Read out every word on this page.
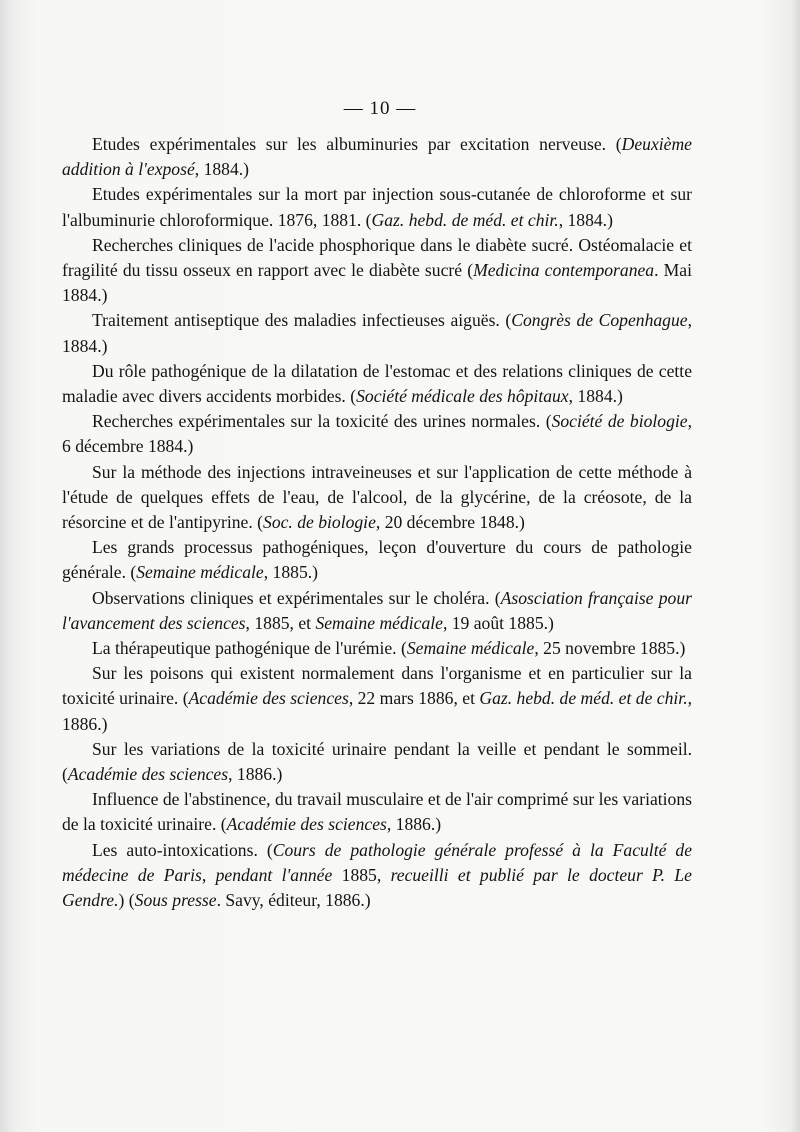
— 10 —

Etudes expérimentales sur les albuminuries par excitation nerveuse. (Deuxième addition à l'exposé, 1884.)

Etudes expérimentales sur la mort par injection sous-cutanée de chloroforme et sur l'albuminurie chloroformique. 1876, 1881. (Gaz. hebd. de méd. et chir., 1884.)

Recherches cliniques de l'acide phosphorique dans le diabète sucré. Ostéomalacie et fragilité du tissu osseux en rapport avec le diabète sucré (Medicina contemporanea. Mai 1884.)

Traitement antiseptique des maladies infectieuses aiguës. (Congrès de Copenhague, 1884.)

Du rôle pathogénique de la dilatation de l'estomac et des relations cliniques de cette maladie avec divers accidents morbides. (Société médicale des hôpitaux, 1884.)

Recherches expérimentales sur la toxicité des urines normales. (Société de biologie, 6 décembre 1884.)

Sur la méthode des injections intraveineuses et sur l'application de cette méthode à l'étude de quelques effets de l'eau, de l'alcool, de la glycérine, de la créosote, de la résorcine et de l'antipyrine. (Soc. de biologie, 20 décembre 1848.)

Les grands processus pathogéniques, leçon d'ouverture du cours de pathologie générale. (Semaine médicale, 1885.)

Observations cliniques et expérimentales sur le choléra. (Asosciation française pour l'avancement des sciences, 1885, et Semaine médicale, 19 août 1885.)

La thérapeutique pathogénique de l'urémie. (Semaine médicale, 25 novembre 1885.)

Sur les poisons qui existent normalement dans l'organisme et en particulier sur la toxicité urinaire. (Académie des sciences, 22 mars 1886, et Gaz. hebd. de méd. et de chir., 1886.)

Sur les variations de la toxicité urinaire pendant la veille et pendant le sommeil. (Académie des sciences, 1886.)

Influence de l'abstinence, du travail musculaire et de l'air comprimé sur les variations de la toxicité urinaire. (Académie des sciences, 1886.)

Les auto-intoxications. (Cours de pathologie générale professé à la Faculté de médecine de Paris, pendant l'année 1885, recueilli et publié par le docteur P. Le Gendre.) (Sous presse. Savy, éditeur, 1886.)
